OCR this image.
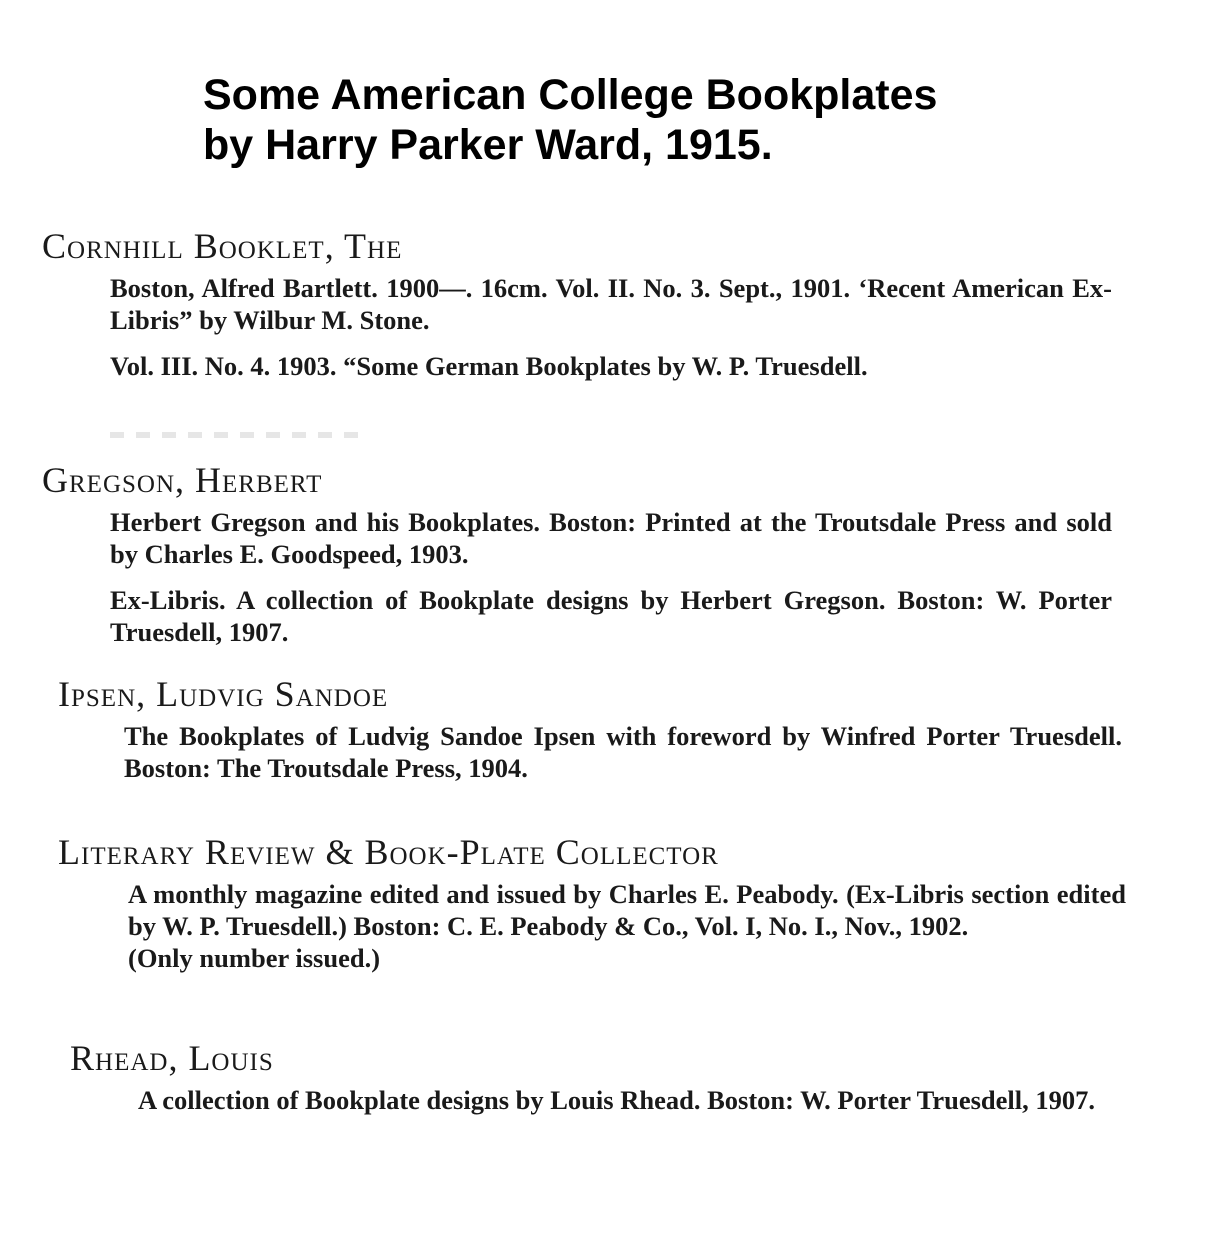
Some American College Bookplates
by Harry Parker Ward, 1915.
Cornhill Booklet, The
Boston, Alfred Bartlett. 1900—. 16cm. Vol. II. No. 3. Sept., 1901. ‘Recent American Ex-Libris” by Wilbur M. Stone.
Vol. III. No. 4. 1903. “Some German Bookplates by W. P. Truesdell.
Gregson, Herbert
Herbert Gregson and his Bookplates. Boston: Printed at the Troutsdale Press and sold by Charles E. Goodspeed, 1903.
Ex-Libris. A collection of Bookplate designs by Herbert Gregson. Boston: W. Porter Truesdell, 1907.
Ipsen, Ludvig Sandoe
The Bookplates of Ludvig Sandoe Ipsen with foreword by Winfred Porter Truesdell. Boston: The Troutsdale Press, 1904.
Literary Review & Book-Plate Collector
A monthly magazine edited and issued by Charles E. Peabody. (Ex-Libris section edited by W. P. Truesdell.) Boston: C. E. Peabody & Co., Vol. I, No. I., Nov., 1902.
(Only number issued.)
Rhead, Louis
A collection of Bookplate designs by Louis Rhead. Boston: W. Porter Truesdell, 1907.
